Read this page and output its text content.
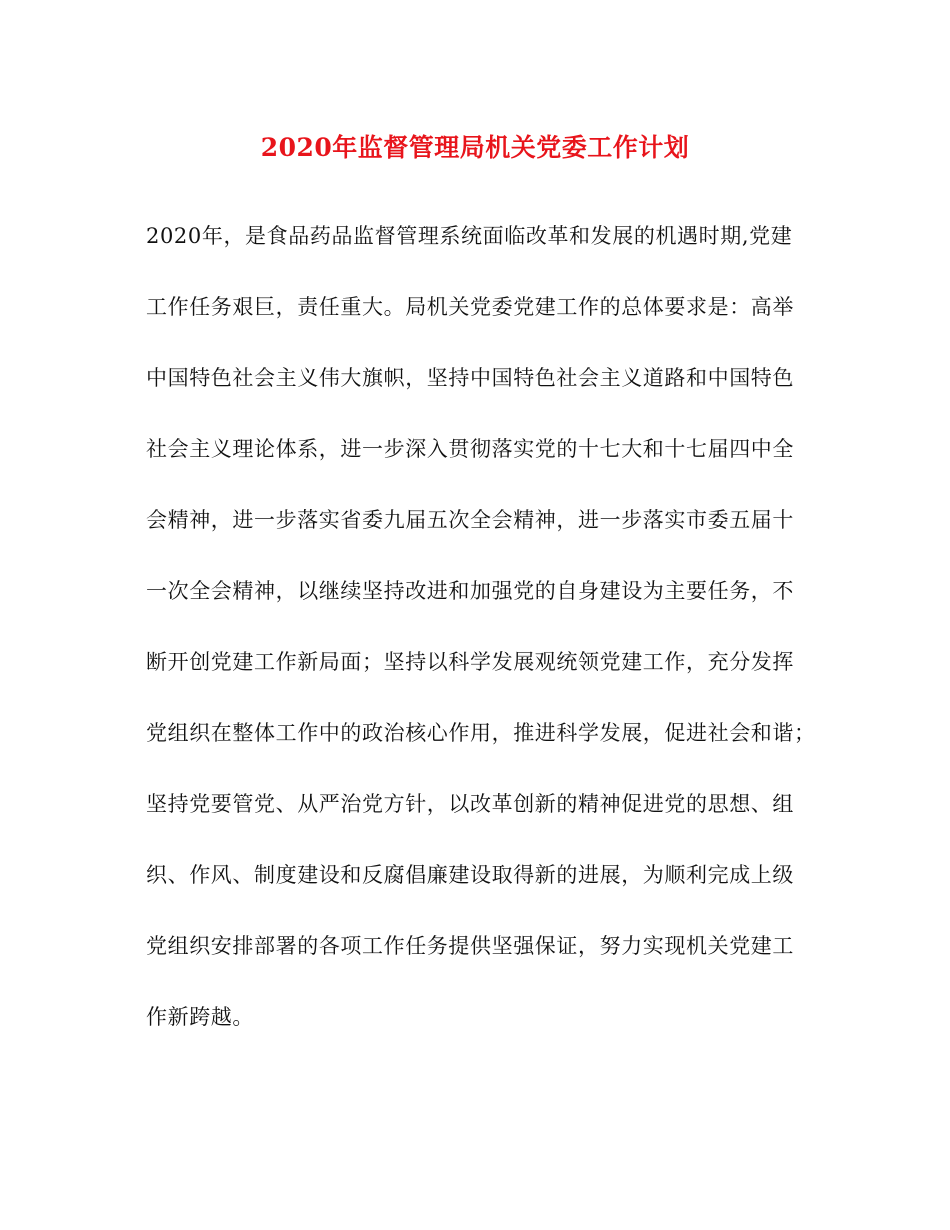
2020年监督管理局机关党委工作计划
2020年，是食品药品监督管理系统面临改革和发展的机遇时期,党建
工作任务艰巨，责任重大。局机关党委党建工作的总体要求是：高举
中国特色社会主义伟大旗帜，坚持中国特色社会主义道路和中国特色
社会主义理论体系，进一步深入贯彻落实党的十七大和十七届四中全
会精神，进一步落实省委九届五次全会精神，进一步落实市委五届十
一次全会精神，以继续坚持改进和加强党的自身建设为主要任务，不
断开创党建工作新局面；坚持以科学发展观统领党建工作，充分发挥
党组织在整体工作中的政治核心作用，推进科学发展，促进社会和谐；
坚持党要管党、从严治党方针，以改革创新的精神促进党的思想、组
织、作风、制度建设和反腐倡廉建设取得新的进展，为顺利完成上级
党组织安排部署的各项工作任务提供坚强保证，努力实现机关党建工
作新跨越。
